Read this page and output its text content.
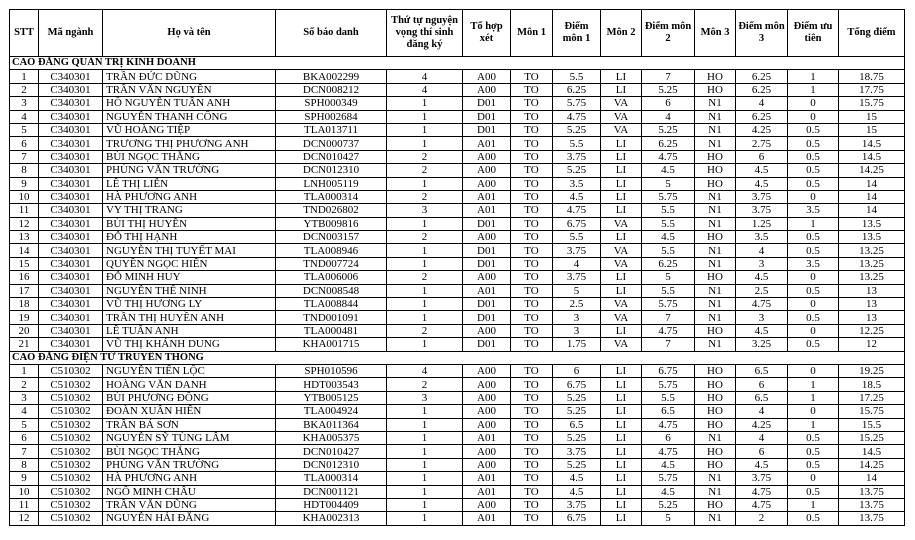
STT	Mã ngành	Họ và tên	Số báo danh	Thứ tự nguyện vọng thí sinh đăng ký	Tổ hợp xét	Môn 1	Điểm môn 1	Môn 2	Điểm môn 2	Môn 3	Điểm môn 3	Điểm ưu tiên	Tổng điểm
CAO ĐẲNG QUẢN TRỊ KINH DOANH													
1	C340301	TRẦN ĐỨC DŨNG	BKA002299	4	A00	TO	5.5	LI	7	HO	6.25	1	18.75
2	C340301	TRẦN VĂN NGUYÊN	DCN008212	4	A00	TO	6.25	LI	5.25	HO	6.25	1	17.75
3	C340301	HỒ NGUYỄN TUẤN ANH	SPH000349	1	D01	TO	5.75	VA	6	N1	4	0	15.75
4	C340301	NGUYỄN THANH CÔNG	SPH002684	1	D01	TO	4.75	VA	4	N1	6.25	0	15
5	C340301	VŨ HOÀNG TIỆP	TLA013711	1	D01	TO	5.25	VA	5.25	N1	4.25	0.5	15
6	C340301	TRƯƠNG THỊ PHƯƠNG ANH	DCN000737	1	A01	TO	5.5	LI	6.25	N1	2.75	0.5	14.5
7	C340301	BÙI NGỌC THẮNG	DCN010427	2	A00	TO	3.75	LI	4.75	HO	6	0.5	14.5
8	C340301	PHÙNG VĂN TRƯỜNG	DCN012310	2	A00	TO	5.25	LI	4.5	HO	4.5	0.5	14.25
9	C340301	LÊ THỊ LIỄN	LNH005119	1	A00	TO	3.5	LI	5	HO	4.5	0.5	14
10	C340301	HÀ PHƯƠNG ANH	TLA000314	2	A01	TO	4.5	LI	5.75	N1	3.75	0	14
11	C340301	VY THỊ TRANG	TND026802	3	A01	TO	4.75	LI	5.5	N1	3.75	3.5	14
12	C340301	BÙI THỊ HUYỀN	YTB009816	1	D01	TO	6.75	VA	5.5	N1	1.25	1	13.5
13	C340301	ĐỖ THỊ HẠNH	DCN003157	2	A00	TO	5.5	LI	4.5	HO	3.5	0.5	13.5
14	C340301	NGUYỄN THỊ TUYẾT MAI	TLA008946	1	D01	TO	3.75	VA	5.5	N1	4	0.5	13.25
15	C340301	QUYỀN NGỌC HIỂN	TND007724	1	D01	TO	4	VA	6.25	N1	3	3.5	13.25
16	C340301	ĐỖ MINH HUY	TLA006006	2	A00	TO	3.75	LI	5	HO	4.5	0	13.25
17	C340301	NGUYỄN THẾ NINH	DCN008548	1	A01	TO	5	LI	5.5	N1	2.5	0.5	13
18	C340301	VŨ THỊ HƯƠNG LY	TLA008844	1	D01	TO	2.5	VA	5.75	N1	4.75	0	13
19	C340301	TRẦN THỊ HUYỀN ANH	TND001091	1	D01	TO	3	VA	7	N1	3	0.5	13
20	C340301	LÊ TUẤN ANH	TLA000481	2	A00	TO	3	LI	4.75	HO	4.5	0	12.25
21	C340301	VŨ THỊ KHÁNH DUNG	KHA001715	1	D01	TO	1.75	VA	7	N1	3.25	0.5	12
CAO ĐẲNG ĐIỆN TỬ TRUYỀN THÔNG													
1	C510302	NGUYỄN TIẾN LỘC	SPH010596	4	A00	TO	6	LI	6.75	HO	6.5	0	19.25
2	C510302	HOÀNG VĂN DANH	HDT003543	2	A00	TO	6.75	LI	5.75	HO	6	1	18.5
3	C510302	BÙI PHƯƠNG ĐÔNG	YTB005125	3	A00	TO	5.25	LI	5.5	HO	6.5	1	17.25
4	C510302	ĐOÀN XUÂN HIỂN	TLA004924	1	A00	TO	5.25	LI	6.5	HO	4	0	15.75
5	C510302	TRẦN BÁ SƠN	BKA011364	1	A00	TO	6.5	LI	4.75	HO	4.25	1	15.5
6	C510302	NGUYỄN SỸ TÙNG LÂM	KHA005375	1	A01	TO	5.25	LI	6	N1	4	0.5	15.25
7	C510302	BÙI NGỌC THẮNG	DCN010427	1	A00	TO	3.75	LI	4.75	HO	6	0.5	14.5
8	C510302	PHÙNG VĂN TRƯỜNG	DCN012310	1	A00	TO	5.25	LI	4.5	HO	4.5	0.5	14.25
9	C510302	HÀ PHƯƠNG ANH	TLA000314	1	A01	TO	4.5	LI	5.75	N1	3.75	0	14
10	C510302	NGÔ MINH CHÂU	DCN001121	1	A01	TO	4.5	LI	4.5	N1	4.75	0.5	13.75
11	C510302	TRẦN VĂN DŨNG	HDT004409	1	A00	TO	3.75	LI	5.25	HO	4.75	1	13.75
12	C510302	NGUYỄN HẢI ĐĂNG	KHA002313	1	A01	TO	6.75	LI	5	N1	2	0.5	13.75
